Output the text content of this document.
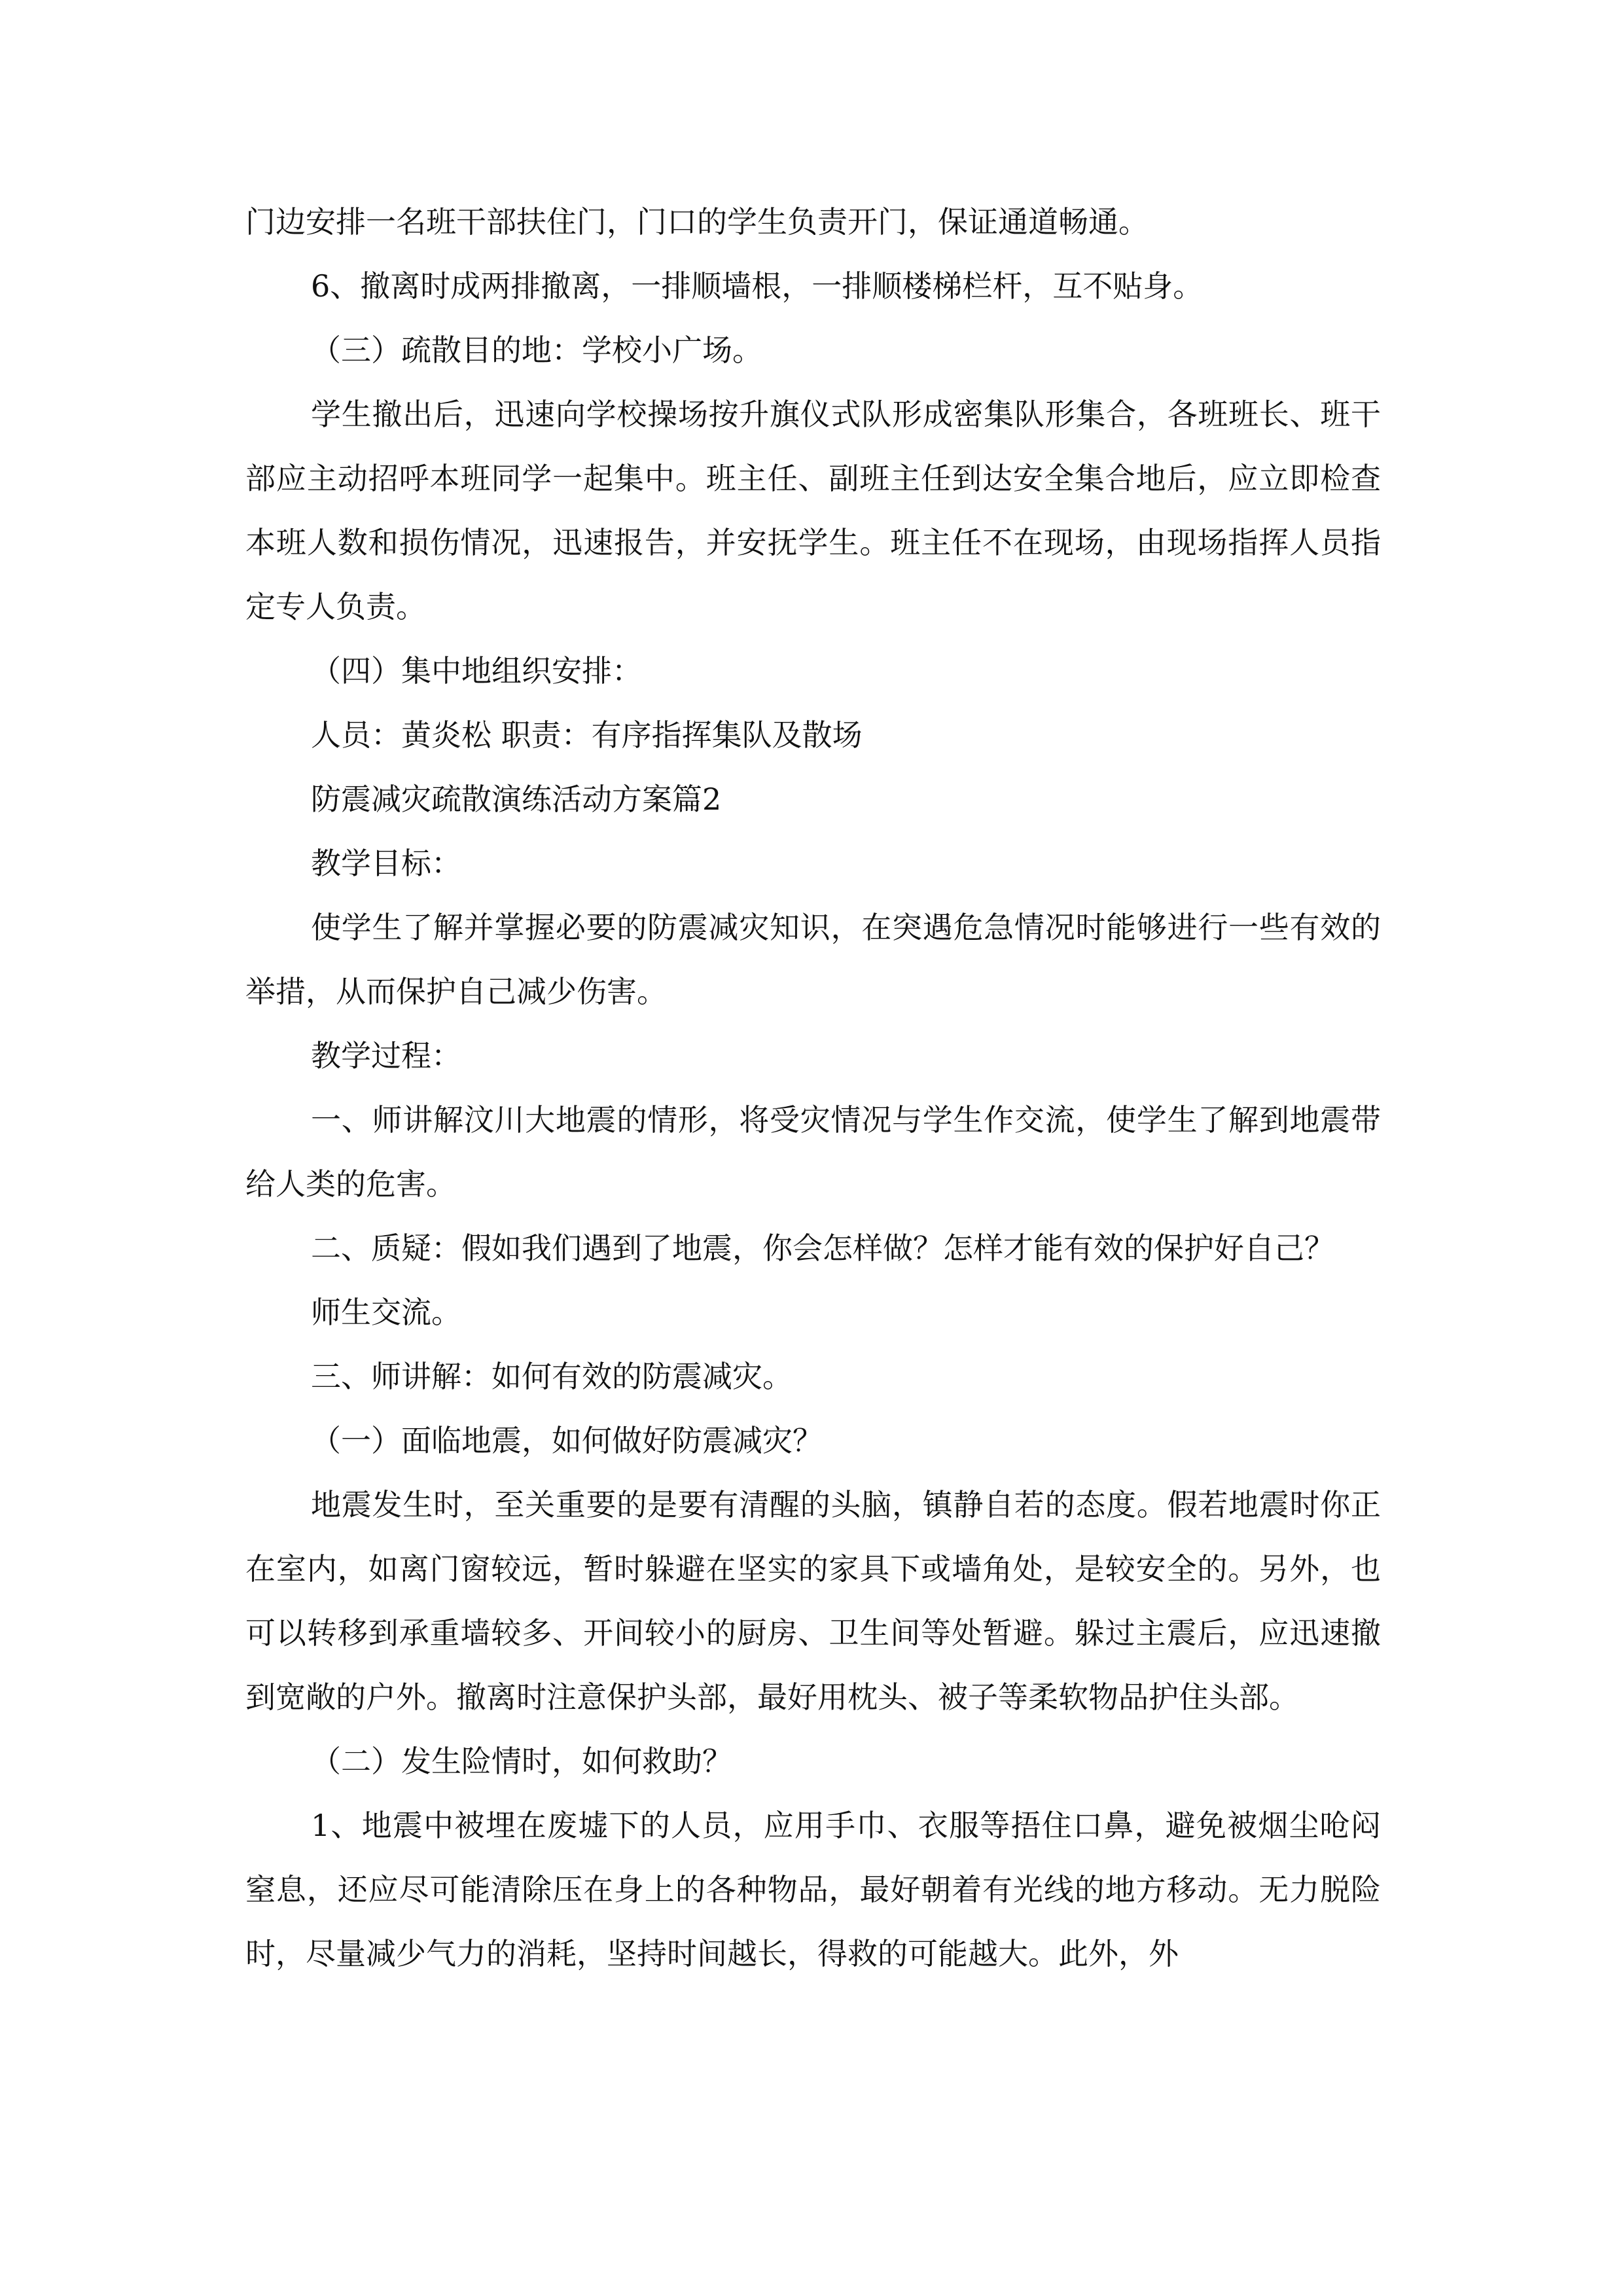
门边安排一名班干部扶住门，门口的学生负责开门，保证通道畅通。

6、撤离时成两排撤离，一排顺墙根，一排顺楼梯栏杆，互不贴身。

（三）疏散目的地：学校小广场。

学生撤出后，迅速向学校操场按升旗仪式队形成密集队形集合，各班班长、班干部应主动招呼本班同学一起集中。班主任、副班主任到达安全集合地后，应立即检查本班人数和损伤情况，迅速报告，并安抚学生。班主任不在现场，由现场指挥人员指定专人负责。

（四）集中地组织安排：

人员：黄炎松 职责：有序指挥集队及散场

防震减灾疏散演练活动方案篇2

教学目标：

使学生了解并掌握必要的防震减灾知识，在突遇危急情况时能够进行一些有效的举措，从而保护自己减少伤害。

教学过程：

一、师讲解汶川大地震的情形，将受灾情况与学生作交流，使学生了解到地震带给人类的危害。

二、质疑：假如我们遇到了地震，你会怎样做？怎样才能有效的保护好自己？

师生交流。

三、师讲解：如何有效的防震减灾。

（一）面临地震，如何做好防震减灾？

地震发生时，至关重要的是要有清醒的头脑，镇静自若的态度。假若地震时你正在室内，如离门窗较远，暂时躲避在坚实的家具下或墙角处，是较安全的。另外，也可以转移到承重墙较多、开间较小的厨房、卫生间等处暂避。躲过主震后，应迅速撤到宽敞的户外。撤离时注意保护头部，最好用枕头、被子等柔软物品护住头部。

（二）发生险情时，如何救助？

1、地震中被埋在废墟下的人员，应用手巾、衣服等捂住口鼻，避免被烟尘呛闷窒息，还应尽可能清除压在身上的各种物品，最好朝着有光线的地方移动。无力脱险时，尽量减少气力的消耗，坚持时间越长，得救的可能越大。此外，外
